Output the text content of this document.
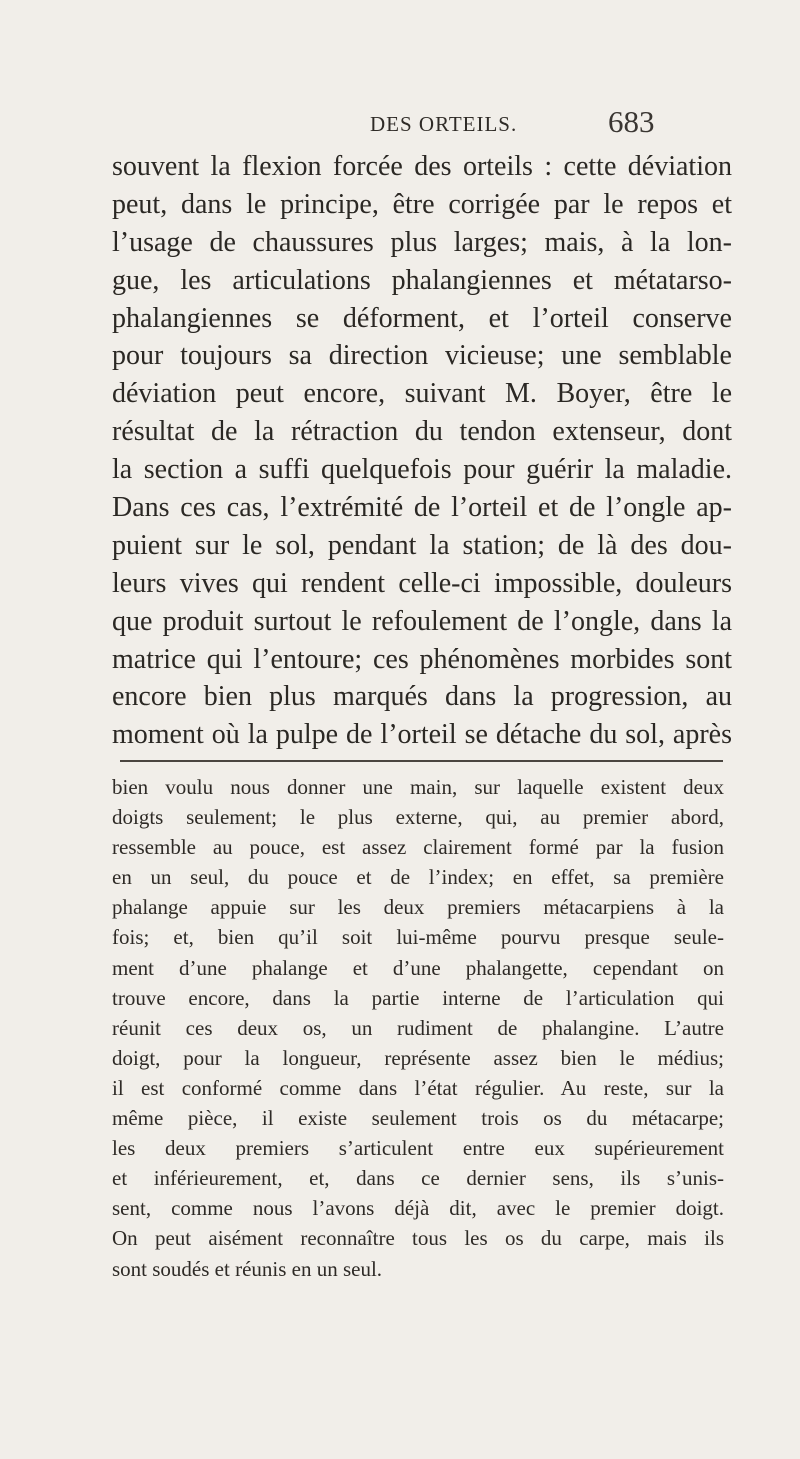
DES ORTEILS.	683
souvent la flexion forcée des orteils : cette déviation
peut, dans le principe, être corrigée par le repos et
l’usage de chaussures plus larges; mais, à la lon-
gue, les articulations phalangiennes et métatarso-
phalangiennes se déforment, et l’orteil conserve
pour toujours sa direction vicieuse; une semblable
déviation peut encore, suivant M. Boyer, être le
résultat de la rétraction du tendon extenseur, dont
la section a suffi quelquefois pour guérir la maladie.
Dans ces cas, l’extrémité de l’orteil et de l’ongle ap-
puient sur le sol, pendant la station; de là des dou-
leurs vives qui rendent celle-ci impossible, douleurs
que produit surtout le refoulement de l’ongle, dans la
matrice qui l’entoure; ces phénomènes morbides sont
encore bien plus marqués dans la progression, au
moment où la pulpe de l’orteil se détache du sol, après
bien voulu nous donner une main, sur laquelle existent deux
doigts seulement; le plus externe, qui, au premier abord,
ressemble au pouce, est assez clairement formé par la fusion
en un seul, du pouce et de l’index; en effet, sa première
phalange appuie sur les deux premiers métacarpiens à la
fois; et, bien qu’il soit lui-même pourvu presque seule-
ment d’une phalange et d’une phalangette, cependant on
trouve encore, dans la partie interne de l’articulation qui
réunit ces deux os, un rudiment de phalangine. L’autre
doigt, pour la longueur, représente assez bien le médius;
il est conformé comme dans l’état régulier. Au reste, sur la
même pièce, il existe seulement trois os du métacarpe;
les deux premiers s’articulent entre eux supérieurement
et inférieurement, et, dans ce dernier sens, ils s’unis-
sent, comme nous l’avons déjà dit, avec le premier doigt.
On peut aisément reconnaître tous les os du carpe, mais ils
sont soudés et réunis en un seul.
